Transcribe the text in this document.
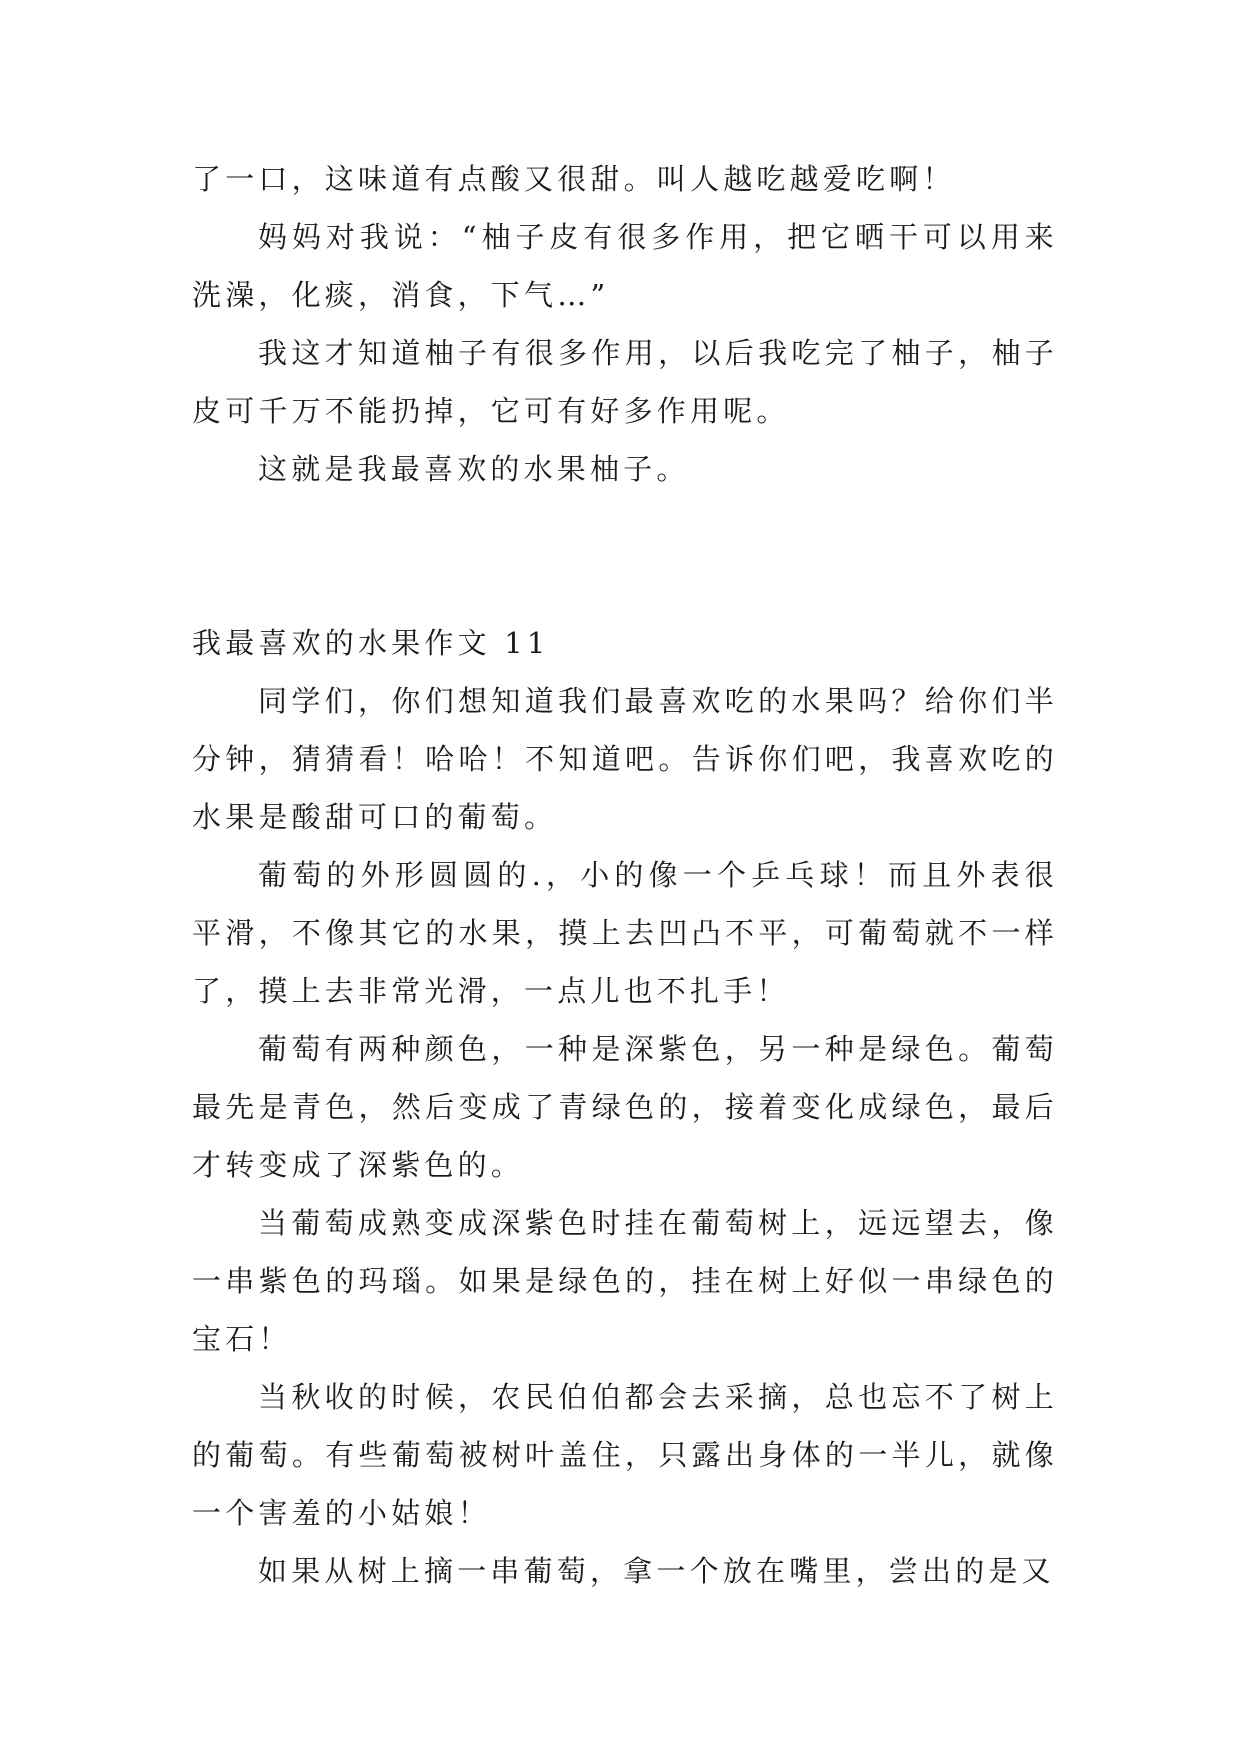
了一口，这味道有点酸又很甜。叫人越吃越爱吃啊！

妈妈对我说：“柚子皮有很多作用，把它晒干可以用来洗澡，化痰，消食，下气…”

我这才知道柚子有很多作用，以后我吃完了柚子，柚子皮可千万不能扔掉，它可有好多作用呢。

这就是我最喜欢的水果柚子。

我最喜欢的水果作文 11

同学们，你们想知道我们最喜欢吃的水果吗？给你们半分钟，猜猜看！哈哈！不知道吧。告诉你们吧，我喜欢吃的水果是酸甜可口的葡萄。

葡萄的外形圆圆的.，小的像一个乒乓球！而且外表很平滑，不像其它的水果，摸上去凹凸不平，可葡萄就不一样了，摸上去非常光滑，一点儿也不扎手！

葡萄有两种颜色，一种是深紫色，另一种是绿色。葡萄最先是青色，然后变成了青绿色的，接着变化成绿色，最后才转变成了深紫色的。

当葡萄成熟变成深紫色时挂在葡萄树上，远远望去，像一串紫色的玛瑙。如果是绿色的，挂在树上好似一串绿色的宝石！

当秋收的时候，农民伯伯都会去采摘，总也忘不了树上的葡萄。有些葡萄被树叶盖住，只露出身体的一半儿，就像一个害羞的小姑娘！

如果从树上摘一串葡萄，拿一个放在嘴里，尝出的是又
